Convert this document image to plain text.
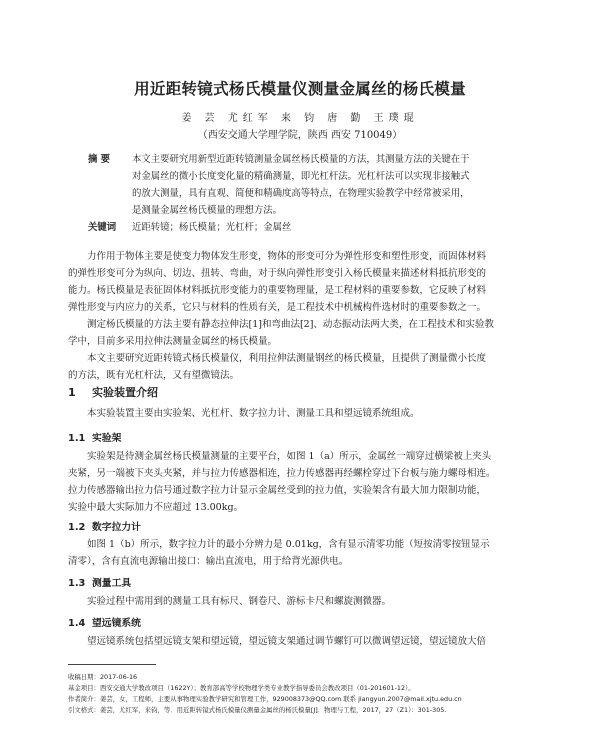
用近距转镜式杨氏模量仪测量金属丝的杨氏模量
姜 芸 尤红军 来 钧 唐 勤 王璞琨
（西安交通大学理学院，陕西 西安 710049）
摘 要 本文主要研究用新型近距转镜测量金属丝杨氏模量的方法，其测量方法的关键在于
对金属丝的微小长度变化量的精确测量，即光杠杆法。光杠杆法可以实现非接触式
的放大测量，具有直观、简便和精确度高等特点，在物理实验教学中经常被采用，
是测量金属丝杨氏模量的理想方法。
关键词 近距转镜；杨氏模量；光杠杆；金属丝

力作用于物体主要是使变力物体发生形变，物体的形变可分为弹性形变和塑性形变，而固体材料

的弹性形变可分为纵向、切边、扭转、弯曲，对于纵向弹性形变引入杨氏模量来描述材料抵抗形变的

能力。杨氏模量是表征固体材料抵抗形变能力的重要物理量，是工程材料的重要参数，它反映了材料

弹性形变与内应力的关系，它只与材料的性质有关，是工程技术中机械构件选材时的重要参数之一。

测定杨氏模量的方法主要有静态拉伸法[1]和弯曲法[2]、动态振动法两大类，在工程技术和实验教

学中，目前多采用拉伸法测量金属丝的杨氏模量。

本文主要研究近距转镜式杨氏模量仪，利用拉伸法测量钢丝的杨氏模量，且提供了测量微小长度

的方法，既有光杠杆法，又有望微镜法。

1 实验装置介绍
本实验装置主要由实验架、光杠杆、数字拉力计、测量工具和望远镜系统组成。
1.1 实验架
实验架是待测金属丝杨氏模量测量的主要平台，如图 1（a）所示，金属丝一端穿过横梁被上夹头
夹紧，另一端被下夹头夹紧，并与拉力传感器相连，拉力传感器再经螺栓穿过下台板与施力螺母相连。
拉力传感器输出拉力信号通过数字拉力计显示金属丝受到的拉力值，实验架含有最大加力限制功能，
实验中最大实际加力不应超过 13.00kg。
1.2 数字拉力计
如图 1（b）所示，数字拉力计的最小分辨力是 0.01kg，含有显示清零功能（短按清零按钮显示
清零），含有直流电源输出接口：输出直流电，用于给背光源供电。
1.3 测量工具
实验过程中需用到的测量工具有标尺、钢卷尺、游标卡尺和螺旋测微器。
1.4 望远镜系统
望远镜系统包括望远镜支架和望远镜，望远镜支架通过调节螺钉可以微调望远镜，望远镜放大倍
收稿日期：2017-06-16
基金项目：西安交通大学教改项目（1622Y）；教育部高等学校物理学类专业教学指导委员会教改项目（01-201601-12）。
作者简介：姜芸，女，工程师，主要从事物理实验教学研究和管理工作，929008373@QQ.com 联系 jiangyun.2007@mail.xjtu.edu.cn
引文格式：姜芸，尤红军，来钧，等．用近距转镜式杨氏模量仪测量金属丝的杨氏模量[J]．物理与工程，2017，27（Z1）：301-305.
